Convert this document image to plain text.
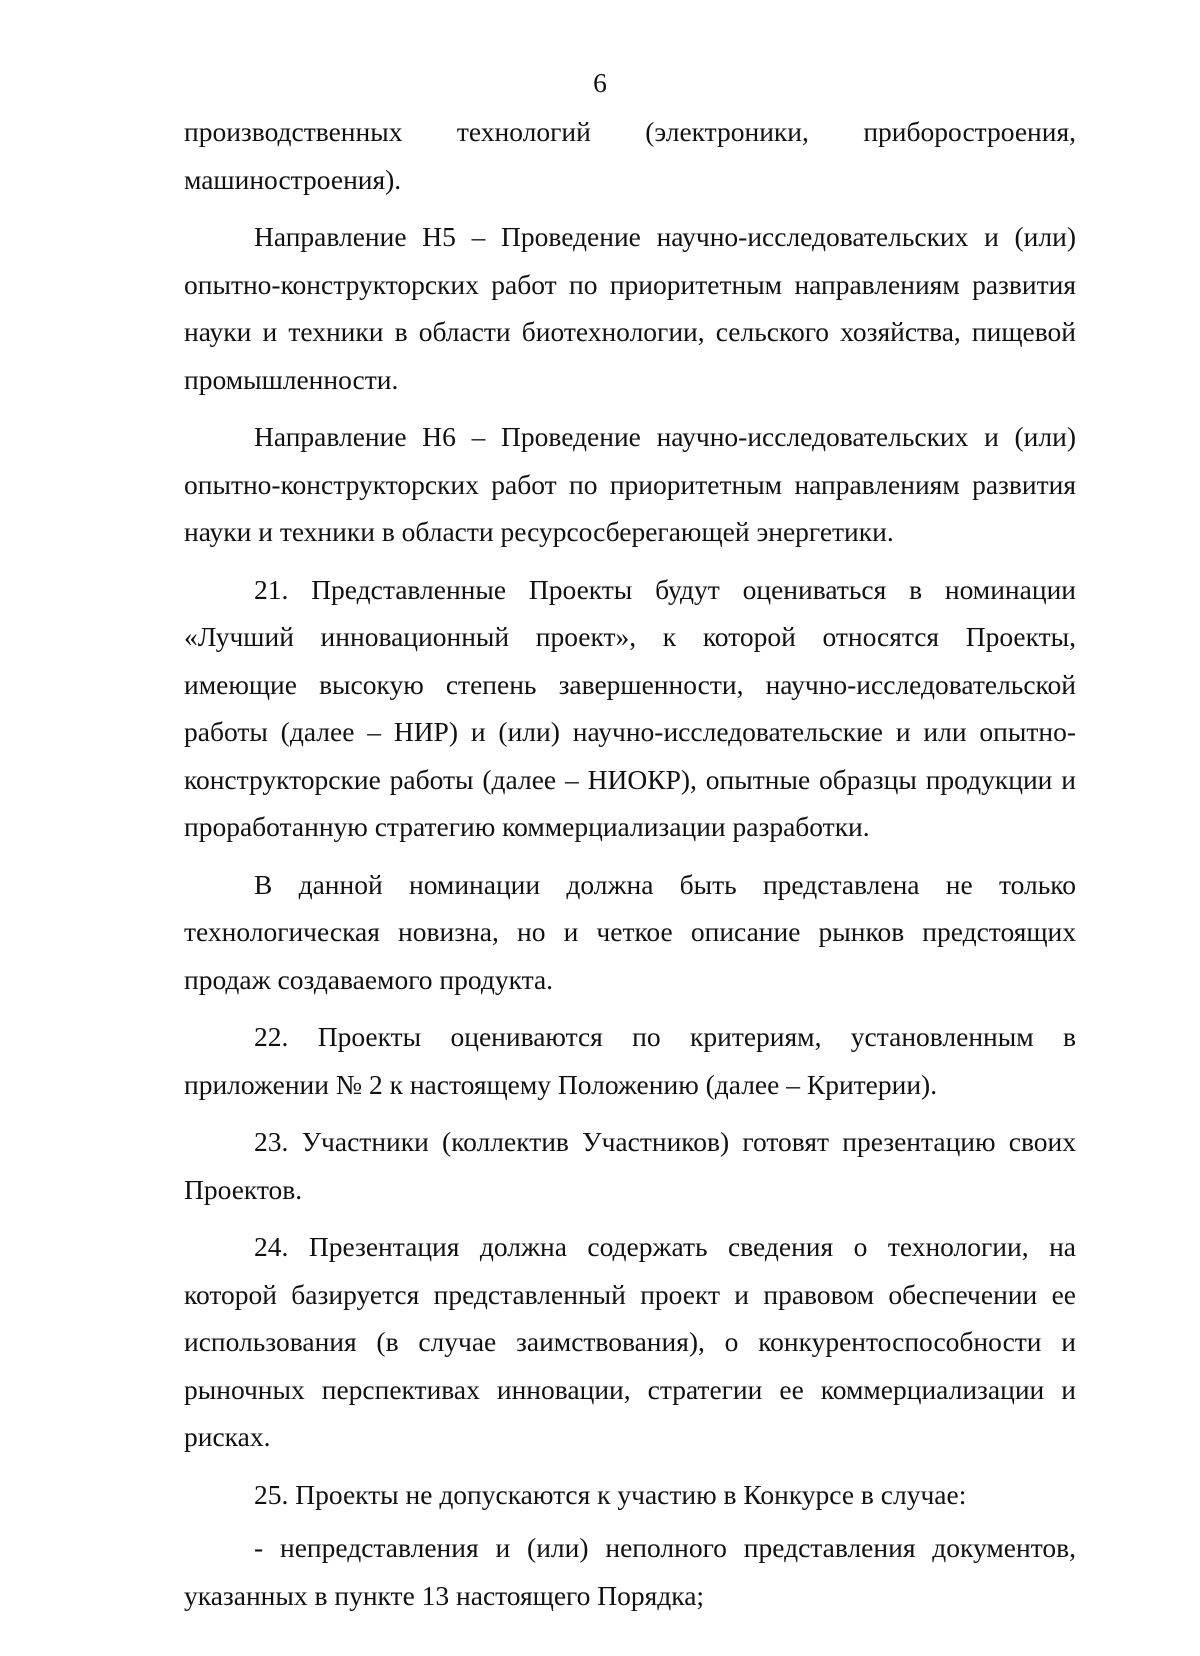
6

производственных технологий (электроники, приборостроения, машиностроения).

Направление Н5 – Проведение научно-исследовательских и (или) опытно-конструкторских работ по приоритетным направлениям развития науки и техники в области биотехнологии, сельского хозяйства, пищевой промышленности.

Направление Н6 – Проведение научно-исследовательских и (или) опытно-конструкторских работ по приоритетным направлениям развития науки и техники в области ресурсосберегающей энергетики.

21. Представленные Проекты будут оцениваться в номинации «Лучший инновационный проект», к которой относятся Проекты, имеющие высокую степень завершенности, научно-исследовательской работы (далее – НИР) и (или) научно-исследовательские и или опытно-конструкторские работы (далее – НИОКР), опытные образцы продукции и проработанную стратегию коммерциализации разработки.

В данной номинации должна быть представлена не только технологическая новизна, но и четкое описание рынков предстоящих продаж создаваемого продукта.

22. Проекты оцениваются по критериям, установленным в приложении № 2 к настоящему Положению (далее – Критерии).

23. Участники (коллектив Участников) готовят презентацию своих Проектов.

24. Презентация должна содержать сведения о технологии, на которой базируется представленный проект и правовом обеспечении ее использования (в случае заимствования), о конкурентоспособности и рыночных перспективах инновации, стратегии ее коммерциализации и рисках.

25. Проекты не допускаются к участию в Конкурсе в случае:

- непредставления и (или) неполного представления документов, указанных в пункте 13 настоящего Порядка;
